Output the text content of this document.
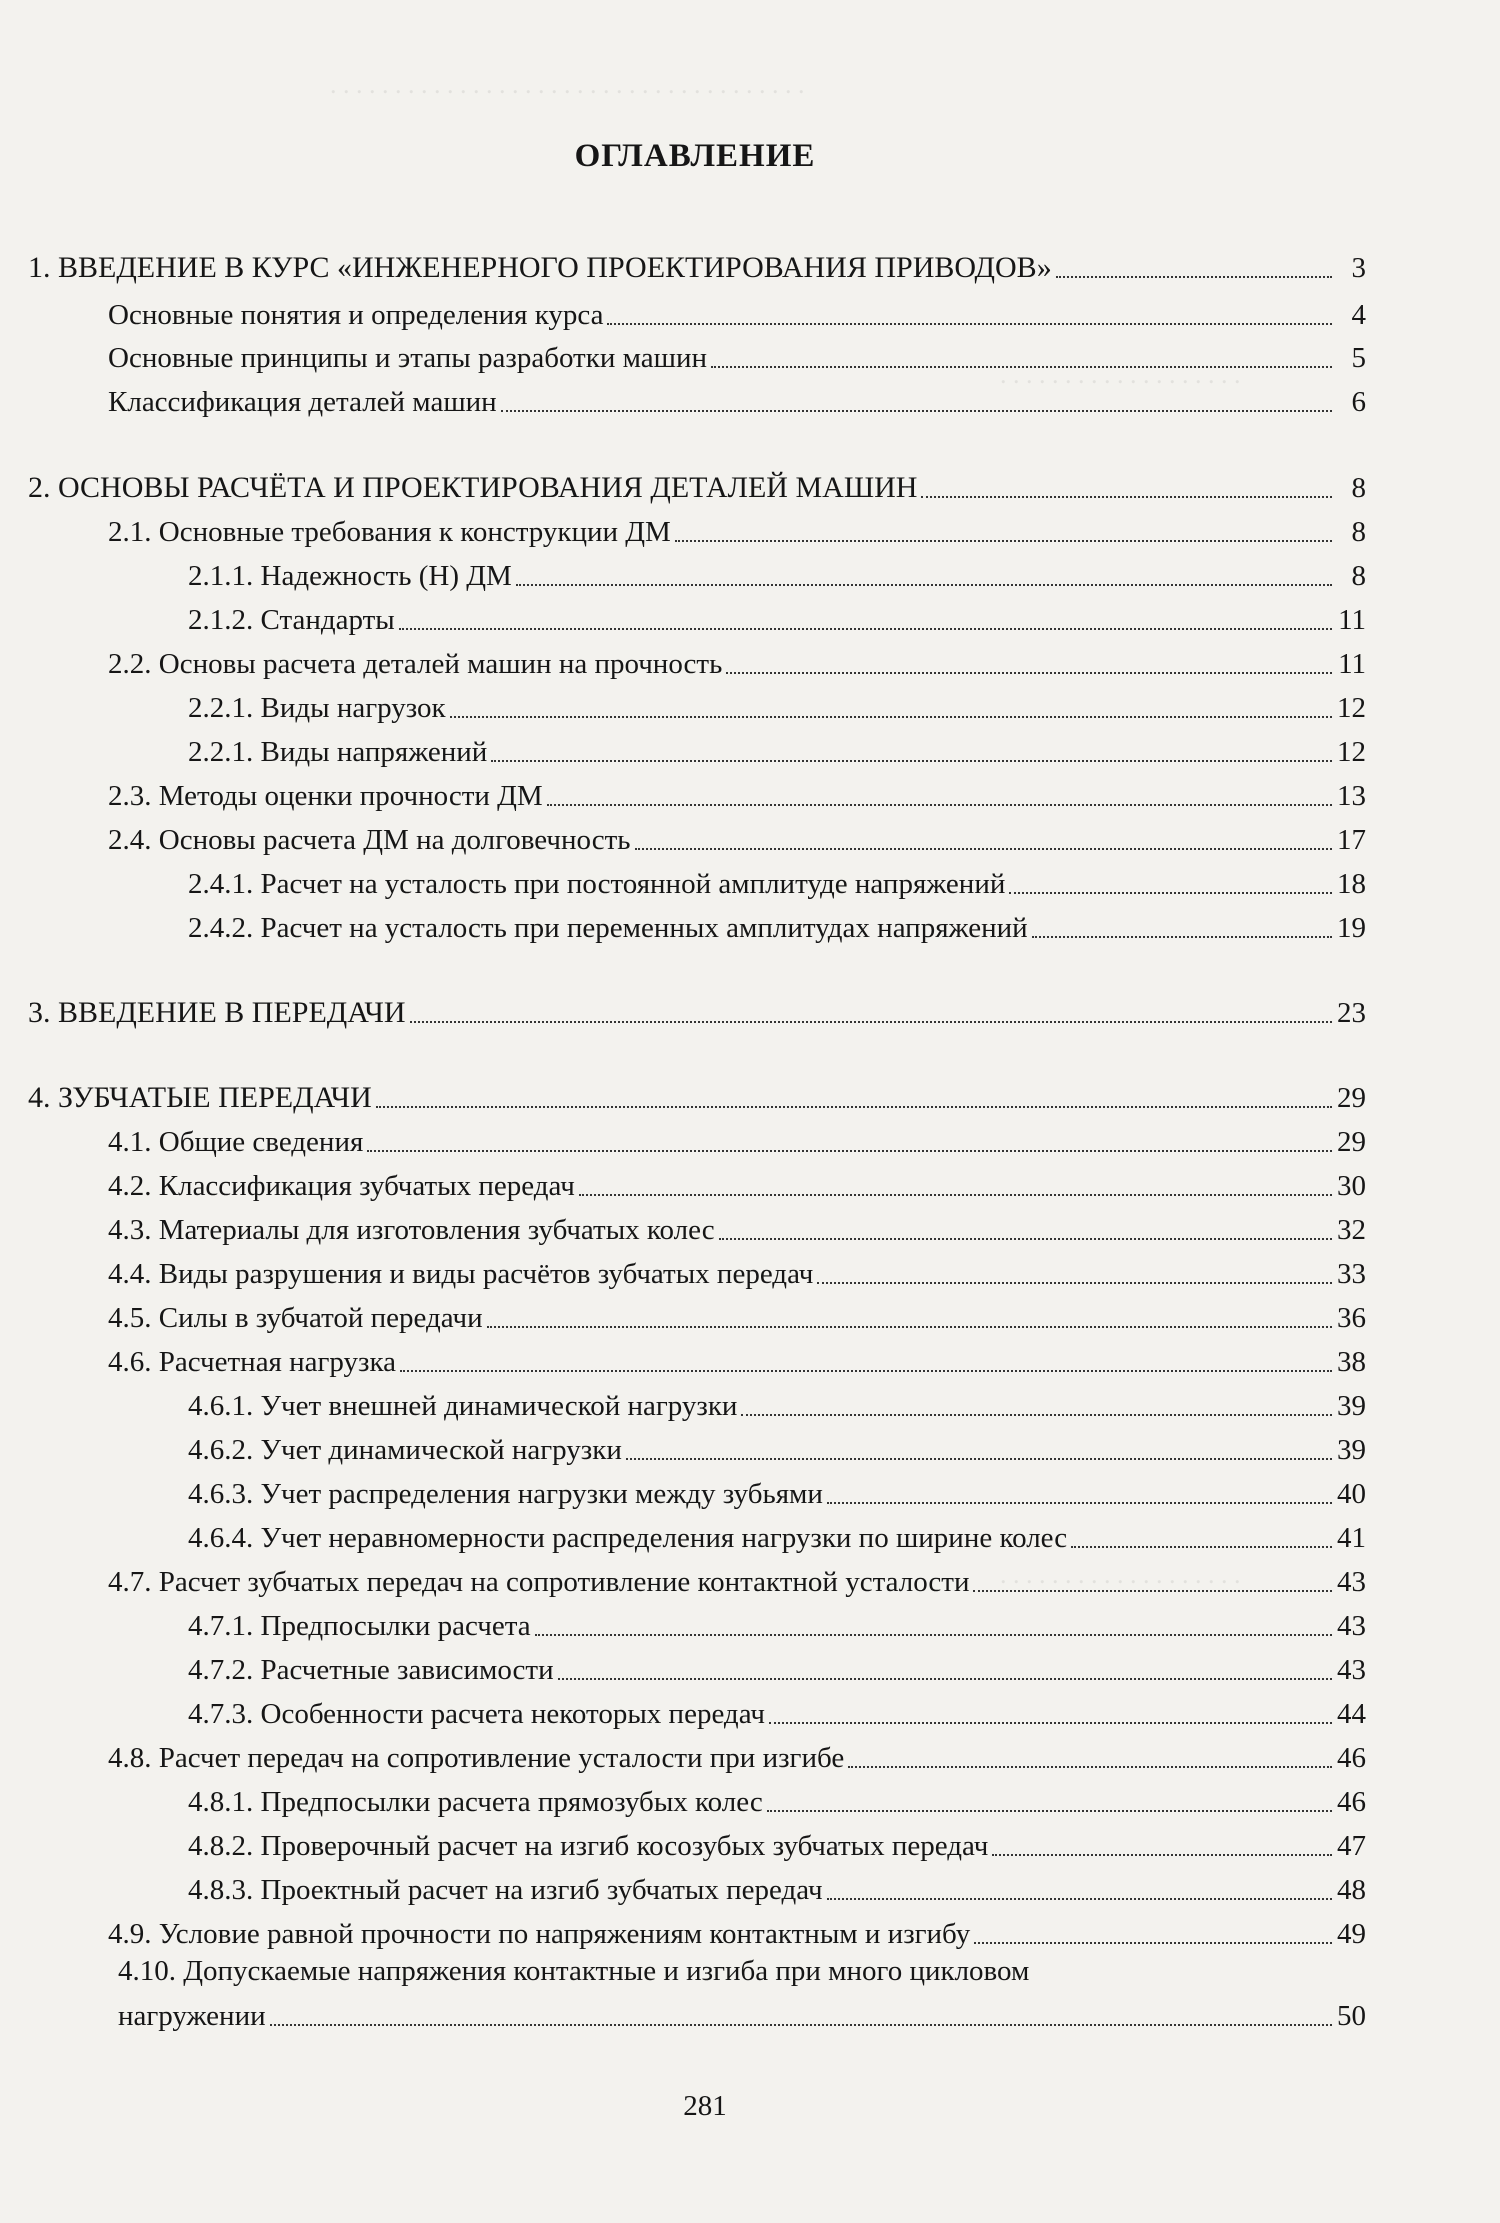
. . . . . . . . . . . . . . . . . . . . . . . . . . . . . . . . . . . . .
. . . . . . . . . . . . . . . . . . .
. . . . . . . . . . . . . . . . . . .
ОГЛАВЛЕНИЕ
1. ВВЕДЕНИЕ В КУРС «ИНЖЕНЕРНОГО ПРОЕКТИРОВАНИЯ ПРИВОДОВ»	3
Основные понятия и определения курса	4
Основные принципы и этапы разработки машин	5
Классификация деталей машин	6
2. ОСНОВЫ РАСЧЁТА И ПРОЕКТИРОВАНИЯ ДЕТАЛЕЙ МАШИН	8
2.1. Основные требования к конструкции ДМ	8
2.1.1. Надежность (Н) ДМ	8
2.1.2. Стандарты	11
2.2. Основы расчета деталей машин на прочность	11
2.2.1. Виды нагрузок	12
2.2.1. Виды напряжений	12
2.3. Методы оценки прочности ДМ	13
2.4. Основы расчета ДМ на долговечность	17
2.4.1. Расчет на усталость при постоянной амплитуде напряжений	18
2.4.2. Расчет на усталость при переменных амплитудах напряжений	19
3. ВВЕДЕНИЕ В ПЕРЕДАЧИ	23
4. ЗУБЧАТЫЕ ПЕРЕДАЧИ	29
4.1. Общие сведения	29
4.2. Классификация зубчатых передач	30
4.3. Материалы для изготовления зубчатых колес	32
4.4. Виды разрушения и виды расчётов зубчатых передач	33
4.5. Силы в зубчатой передачи	36
4.6. Расчетная нагрузка	38
4.6.1. Учет внешней динамической нагрузки	39
4.6.2. Учет динамической нагрузки	39
4.6.3. Учет распределения нагрузки между зубьями	40
4.6.4. Учет неравномерности распределения нагрузки по ширине колес	41
4.7. Расчет зубчатых передач на сопротивление контактной усталости	43
4.7.1. Предпосылки расчета	43
4.7.2. Расчетные зависимости	43
4.7.3. Особенности расчета некоторых передач	44
4.8. Расчет передач на сопротивление усталости при изгибе	46
4.8.1. Предпосылки расчета прямозубых колес	46
4.8.2. Проверочный расчет на изгиб косозубых зубчатых передач	47
4.8.3. Проектный расчет на изгиб зубчатых передач	48
4.9. Условие равной прочности по напряжениям контактным и изгибу	49
4.10. Допускаемые напряжения контактные и изгиба при много цикловом
нагружении	50
281
